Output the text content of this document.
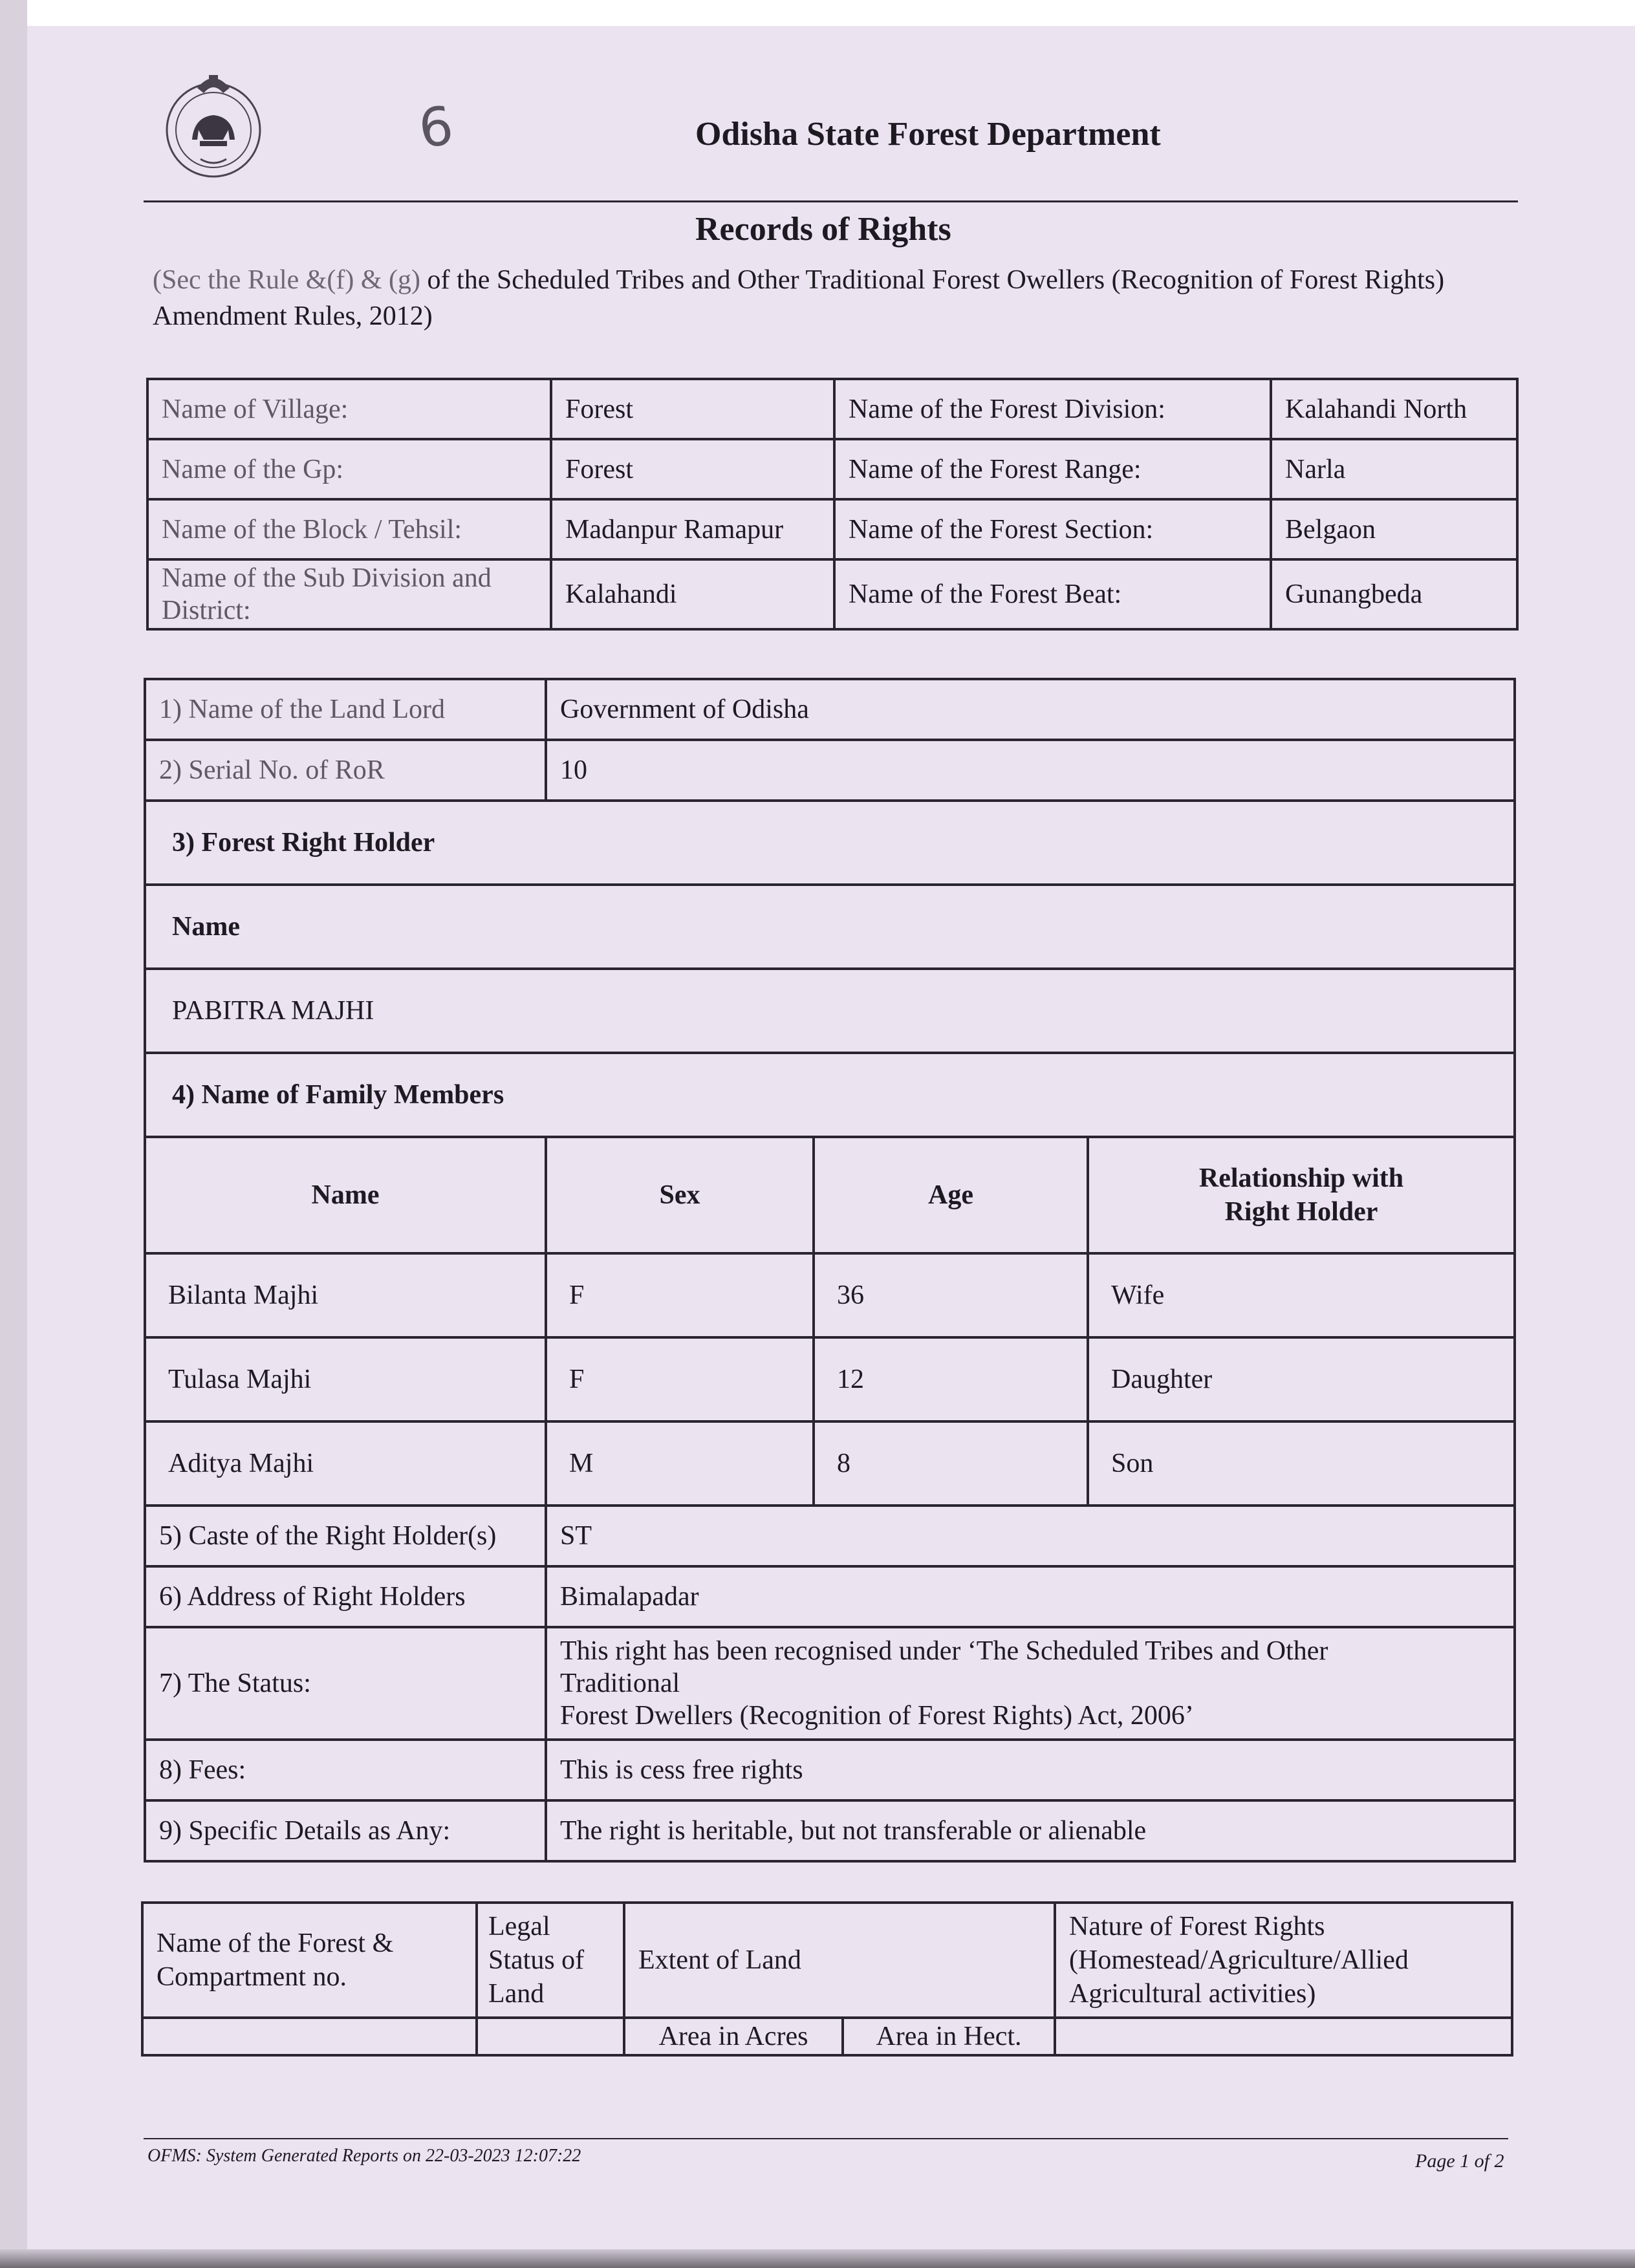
6	Odisha State Forest Department
Records of Rights
(Sec the Rule &(f) & (g) of the Scheduled Tribes and Other Traditional Forest Owellers (Recognition of Forest Rights) Amendment Rules, 2012)
Name of Village:	Forest	Name of the Forest Division:	Kalahandi North
Name of the Gp:	Forest	Name of the Forest Range:	Narla
Name of the Block / Tehsil:	Madanpur Ramapur	Name of the Forest Section:	Belgaon
Name of the Sub Division and District:	Kalahandi	Name of the Forest Beat:	Gunangbeda
1) Name of the Land Lord	Government of Odisha		
2) Serial No. of RoR	10		
3) Forest Right Holder			
Name			
PABITRA MAJHI			
4) Name of Family Members			
Name	Sex	Age	Relationship with Right Holder
Bilanta Majhi	F	36	Wife
Tulasa Majhi	F	12	Daughter
Aditya Majhi	M	8	Son
5) Caste of the Right Holder(s)	ST		
6) Address of Right Holders	Bimalapadar		
7) The Status:	This right has been recognised under ‘The Scheduled Tribes and Other
Traditional
Forest Dwellers (Recognition of Forest Rights) Act, 2006’		

8) Fees:	This is cess free rights		
9) Specific Details as Any:	The right is heritable, but not transferable or alienable		
Name of the Forest & Compartment no.	Legal Status of Land	Extent of Land		Nature of Forest Rights (Homestead/Agriculture/Allied Agricultural activities)
		Area in Acres	Area in Hect.	
OFMS: System Generated Reports on 22-03-2023 12:07:22	Page 1 of 2
